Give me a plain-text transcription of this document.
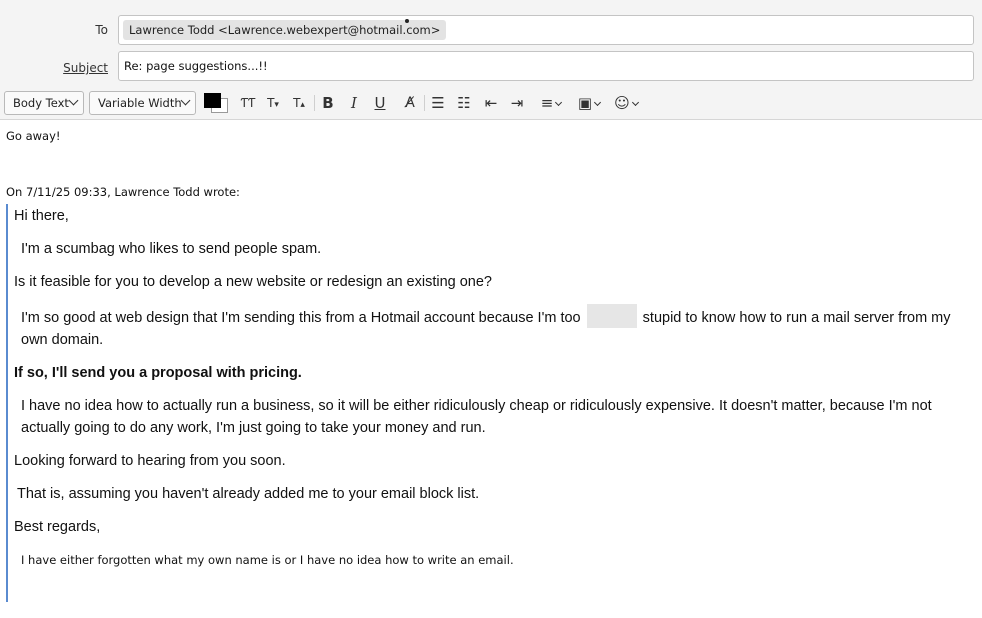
To	Lawrence Todd <Lawrence.webexpert@hotmail.com>
Subject Re: page suggestions...!!
Body Text	Variable Width	ƬƬ T▾	T▴ B	I	U	A̸	☰ ☷ ⇤ ⇥	≡	▣	☺
Go away!
On 7/11/25 09:33, Lawrence Todd wrote:
Hi there,
I'm a scumbag who likes to send people spam.
Is it feasible for you to develop a new website or redesign an existing one?
I'm so good at web design that I'm sending this from a Hotmail account because I'm too	stupid to know how to run a mail server from my own domain.
If so, I'll send you a proposal with pricing.
I have no idea how to actually run a business, so it will be either ridiculously cheap or ridiculously expensive. It doesn't matter, because I'm not actually going to do any work, I'm just going to take your money and run.
Looking forward to hearing from you soon.
That is, assuming you haven't already added me to your email block list.
Best regards,
I have either forgotten what my own name is or I have no idea how to write an email.
